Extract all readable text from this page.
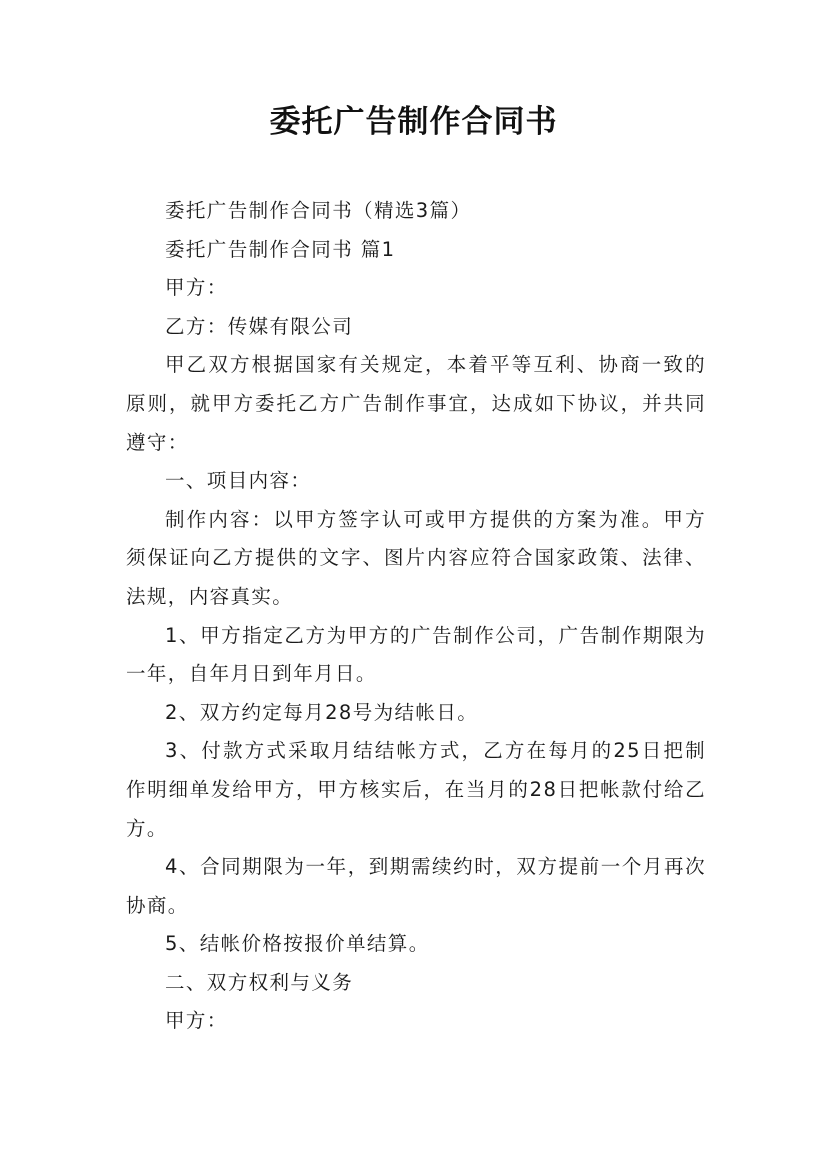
委托广告制作合同书

委托广告制作合同书（精选3篇）

委托广告制作合同书 篇1

甲方：

乙方：传媒有限公司

甲乙双方根据国家有关规定，本着平等互利、协商一致的原则，就甲方委托乙方广告制作事宜，达成如下协议，并共同遵守：

一、项目内容：

制作内容：以甲方签字认可或甲方提供的方案为准。甲方须保证向乙方提供的文字、图片内容应符合国家政策、法律、法规，内容真实。

1、甲方指定乙方为甲方的广告制作公司，广告制作期限为一年，自年月日到年月日。

2、双方约定每月28号为结帐日。

3、付款方式采取月结结帐方式，乙方在每月的25日把制作明细单发给甲方，甲方核实后，在当月的28日把帐款付给乙方。

4、合同期限为一年，到期需续约时，双方提前一个月再次协商。

5、结帐价格按报价单结算。

二、双方权利与义务

甲方：
